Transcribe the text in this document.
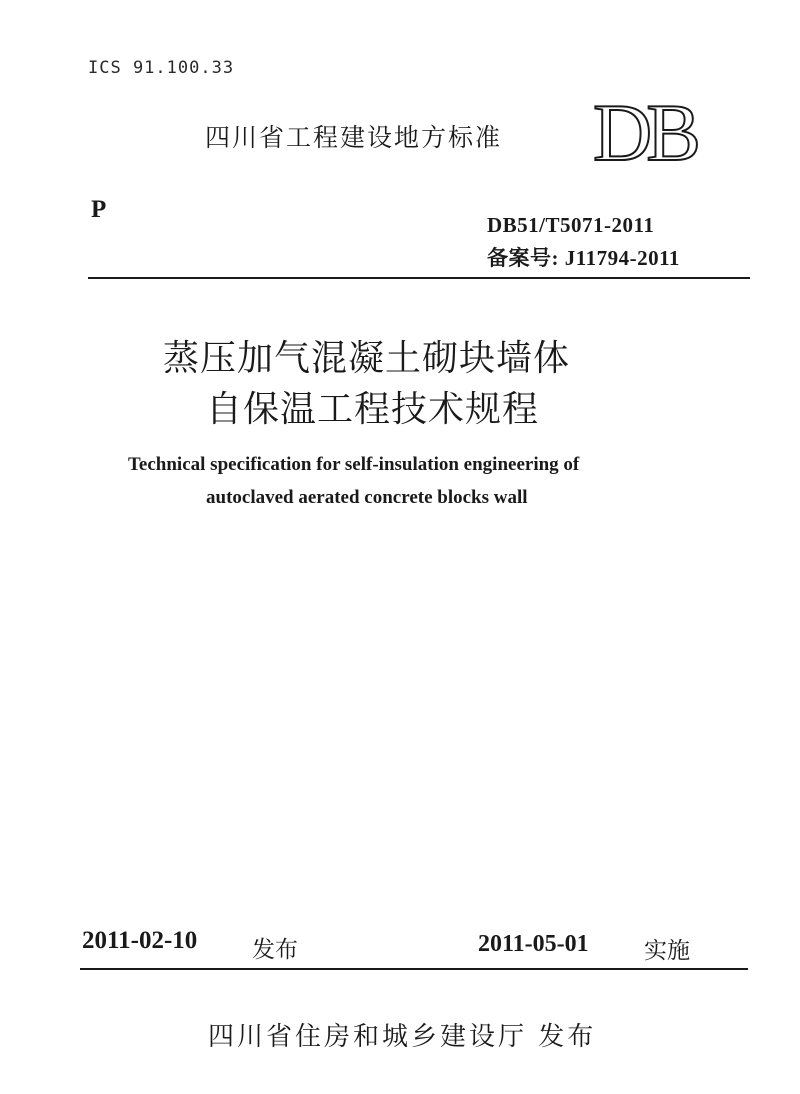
ICS 91.100.33
四川省工程建设地方标准 DB
P
DB51/T5071-2011
备案号: J11794-2011
蒸压加气混凝土砌块墙体
自保温工程技术规程
Technical specification for self-insulation engineering of
autoclaved aerated concrete blocks wall
2011-02-10 发布	2011-05-01 实施
四川省住房和城乡建设厅 发布
